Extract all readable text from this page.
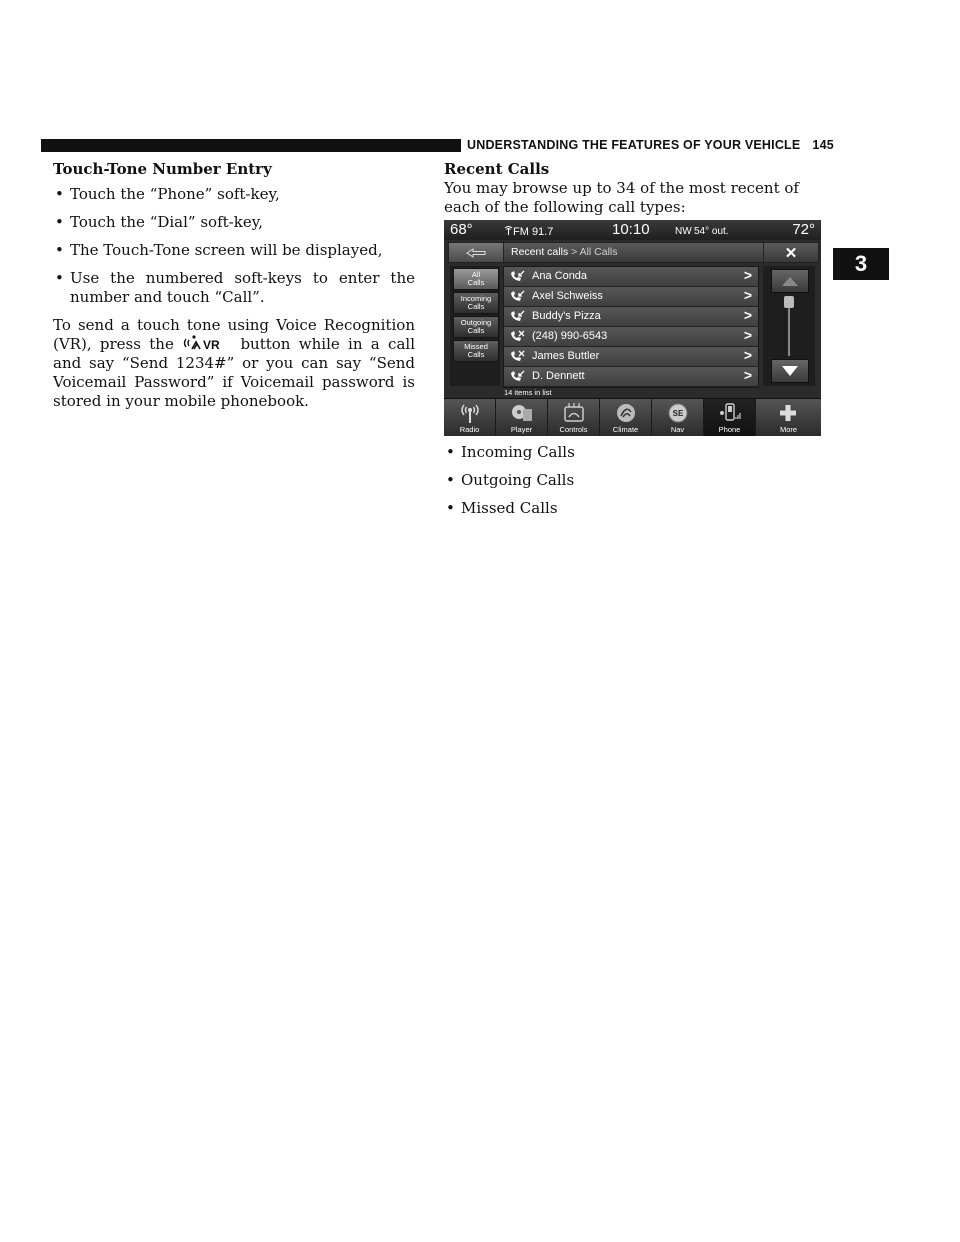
UNDERSTANDING THE FEATURES OF YOUR VEHICLE 145
3
Touch-Tone Number Entry
• Touch the “Phone” soft-key,
• Touch the “Dial” soft-key,
• The Touch-Tone screen will be displayed,
• Use the numbered soft-keys to enter the number and touch “Call”.
To send a touch tone using Voice Recognition (VR), press the VR button while in a call and say “Send 1234#” or you can say “Send Voicemail Password” if Voicemail password is stored in your mobile phonebook.
Recent Calls
You may browse up to 34 of the most recent of each of the following call types:
68°	FM 91.7	10:10	NW 54° out.	72°
Recent calls > All Calls	✕
All
Calls
Incoming
Calls
Outgoing
Calls
Missed
Calls
Ana Conda	>
Axel Schweiss	>
Buddy's Pizza	>
(248) 990-6543	>
James Buttler	>
D. Dennett	>
14 items in list
Radio	Player	Controls	Climate
SE
Nav	Phone	More
• Incoming Calls
• Outgoing Calls
• Missed Calls
